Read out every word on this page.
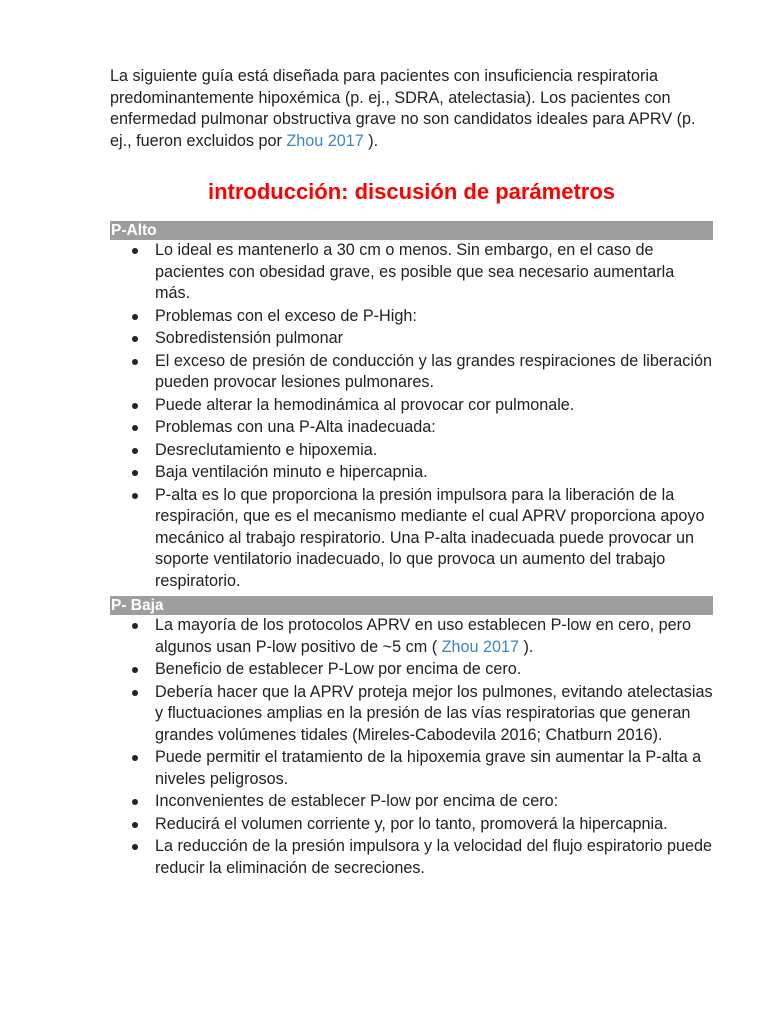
La siguiente guía está diseñada para pacientes con insuficiencia respiratoria predominantemente hipoxémica (p. ej., SDRA, atelectasia). Los pacientes con enfermedad pulmonar obstructiva grave no son candidatos ideales para APRV (p. ej., fueron excluidos por Zhou 2017 ).

introducción: discusión de parámetros
P-Alto
Lo ideal es mantenerlo a 30 cm o menos. Sin embargo, en el caso de pacientes con obesidad grave, es posible que sea necesario aumentarla más.
Problemas con el exceso de P-High:
Sobredistensión pulmonar
El exceso de presión de conducción y las grandes respiraciones de liberación pueden provocar lesiones pulmonares.
Puede alterar la hemodinámica al provocar cor pulmonale.
Problemas con una P-Alta inadecuada:
Desreclutamiento e hipoxemia.
Baja ventilación minuto e hipercapnia.
P-alta es lo que proporciona la presión impulsora para la liberación de la respiración, que es el mecanismo mediante el cual APRV proporciona apoyo mecánico al trabajo respiratorio. Una P-alta inadecuada puede provocar un soporte ventilatorio inadecuado, lo que provoca un aumento del trabajo respiratorio.
P- Baja
La mayoría de los protocolos APRV en uso establecen P-low en cero, pero algunos usan P-low positivo de ~5 cm ( Zhou 2017 ).
Beneficio de establecer P-Low por encima de cero.
Debería hacer que la APRV proteja mejor los pulmones, evitando atelectasias y fluctuaciones amplias en la presión de las vías respiratorias que generan grandes volúmenes tidales (Mireles-Cabodevila 2016; Chatburn 2016).
Puede permitir el tratamiento de la hipoxemia grave sin aumentar la P-alta a niveles peligrosos.
Inconvenientes de establecer P-low por encima de cero:
Reducirá el volumen corriente y, por lo tanto, promoverá la hipercapnia.
La reducción de la presión impulsora y la velocidad del flujo espiratorio puede reducir la eliminación de secreciones.
